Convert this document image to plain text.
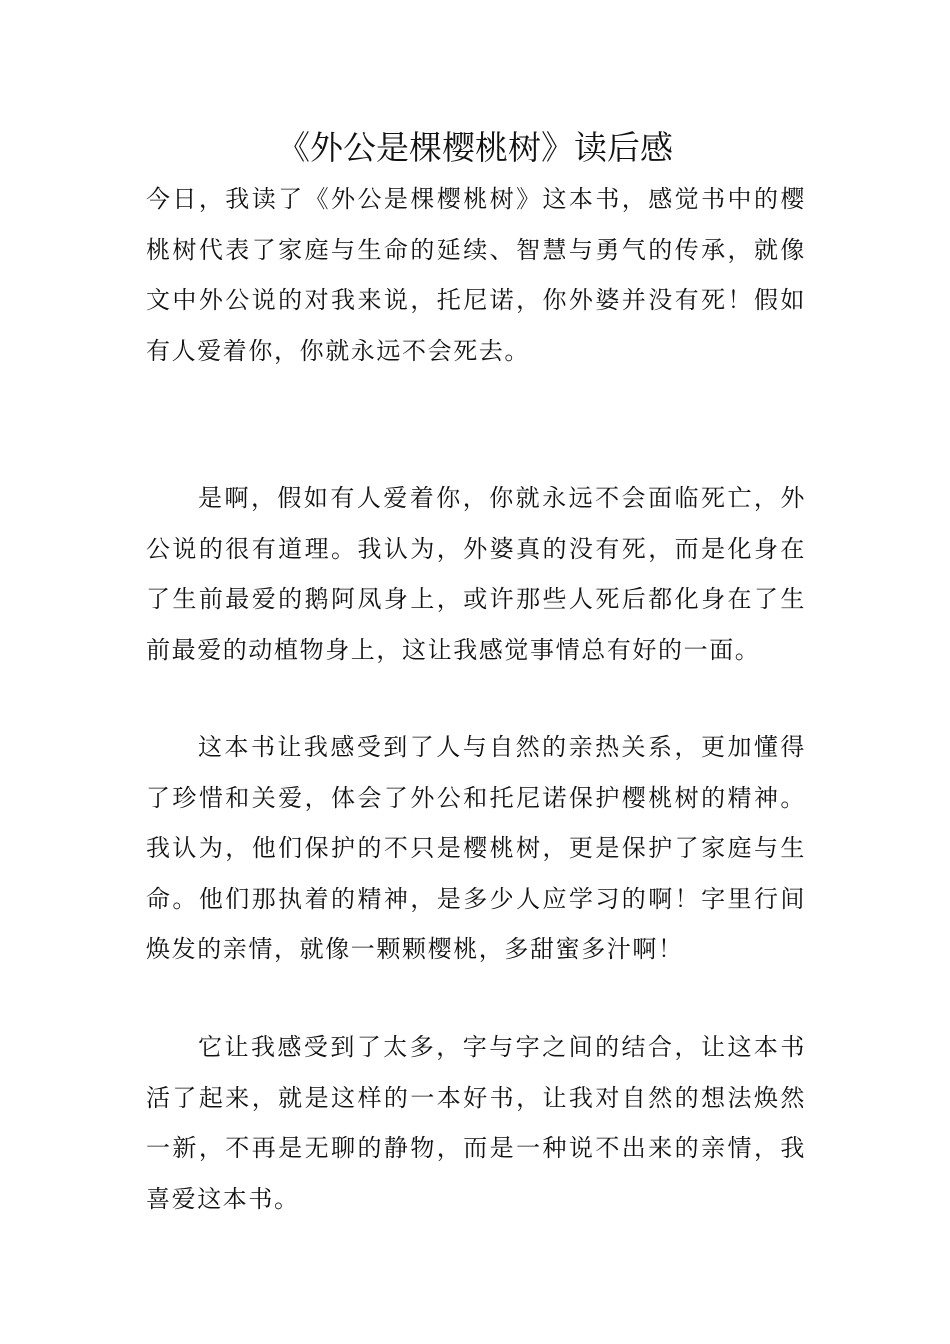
《外公是棵樱桃树》读后感

今日，我读了《外公是棵樱桃树》这本书，感觉书中的樱桃树代表了家庭与生命的延续、智慧与勇气的传承，就像文中外公说的对我来说，托尼诺，你外婆并没有死！假如有人爱着你，你就永远不会死去。

是啊，假如有人爱着你，你就永远不会面临死亡，外公说的很有道理。我认为，外婆真的没有死，而是化身在了生前最爱的鹅阿凤身上，或许那些人死后都化身在了生前最爱的动植物身上，这让我感觉事情总有好的一面。

这本书让我感受到了人与自然的亲热关系，更加懂得了珍惜和关爱，体会了外公和托尼诺保护樱桃树的精神。我认为，他们保护的不只是樱桃树，更是保护了家庭与生命。他们那执着的精神，是多少人应学习的啊！字里行间焕发的亲情，就像一颗颗樱桃，多甜蜜多汁啊！

它让我感受到了太多，字与字之间的结合，让这本书活了起来，就是这样的一本好书，让我对自然的想法焕然一新，不再是无聊的静物，而是一种说不出来的亲情，我喜爱这本书。
